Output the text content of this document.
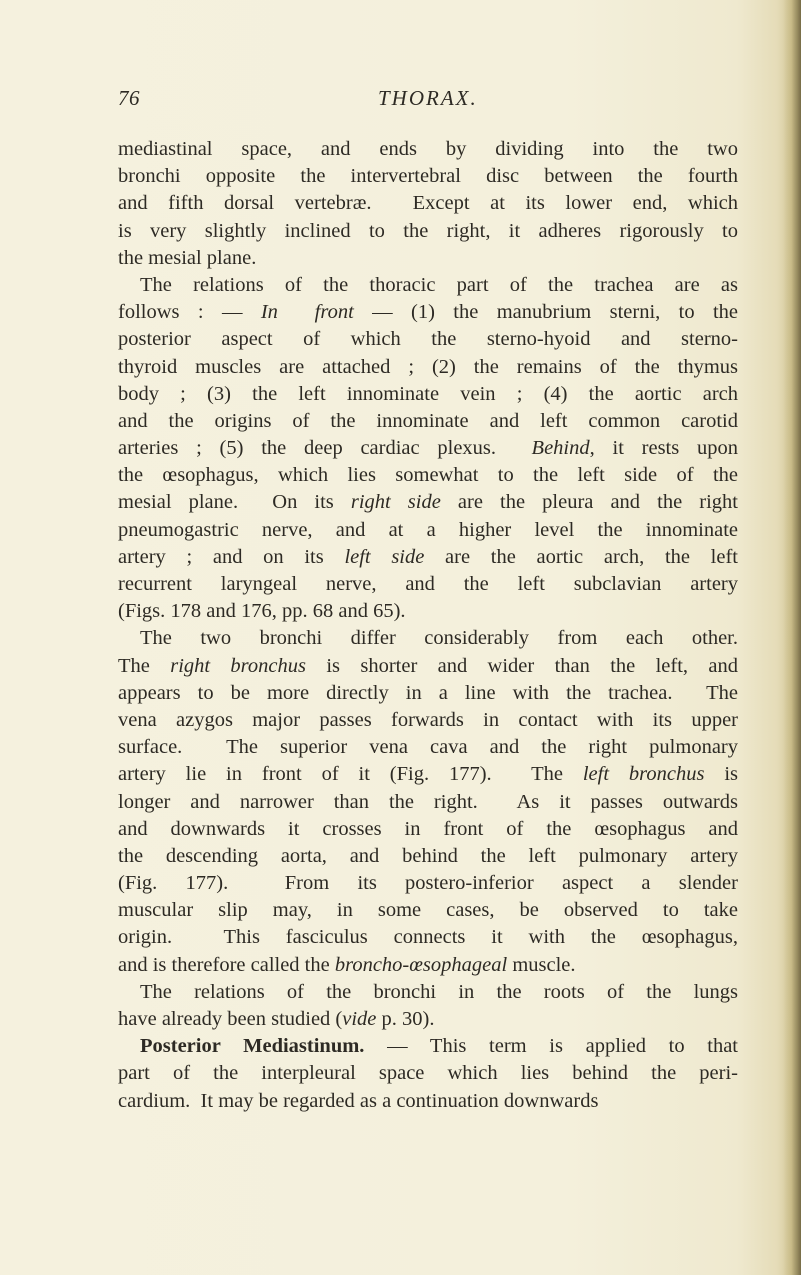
76	THORAX.
mediastinal space, and ends by dividing into the two
bronchi opposite the intervertebral disc between the fourth
and fifth dorsal vertebræ.  Except at its lower end, which
is very slightly inclined to the right, it adheres rigorously to
the mesial plane.
The relations of the thoracic part of the trachea are as
follows : — In  front — (1) the manubrium sterni, to the
posterior aspect of which the sterno-hyoid and sterno-
thyroid muscles are attached ; (2) the remains of the thymus
body ; (3) the left innominate vein ; (4) the aortic arch
and the origins of the innominate and left common carotid
arteries ; (5) the deep cardiac plexus.  Behind, it rests upon
the œsophagus, which lies somewhat to the left side of the
mesial plane.  On its right side are the pleura and the right
pneumogastric nerve, and at a higher level the innominate
artery ; and on its left side are the aortic arch, the left
recurrent laryngeal nerve, and the left subclavian artery
(Figs. 178 and 176, pp. 68 and 65).
The two bronchi differ considerably from each other.
The right bronchus is shorter and wider than the left, and
appears to be more directly in a line with the trachea.  The
vena azygos major passes forwards in contact with its upper
surface.  The superior vena cava and the right pulmonary
artery lie in front of it (Fig. 177).  The left bronchus is
longer and narrower than the right.  As it passes outwards
and downwards it crosses in front of the œsophagus and
the descending aorta, and behind the left pulmonary artery
(Fig. 177).  From its postero-inferior aspect a slender
muscular slip may, in some cases, be observed to take
origin.  This fasciculus connects it with the œsophagus,
and is therefore called the broncho-œsophageal muscle.
The relations of the bronchi in the roots of the lungs
have already been studied (vide p. 30).
Posterior Mediastinum. — This term is applied to that
part of the interpleural space which lies behind the peri-
cardium.  It may be regarded as a continuation downwards
